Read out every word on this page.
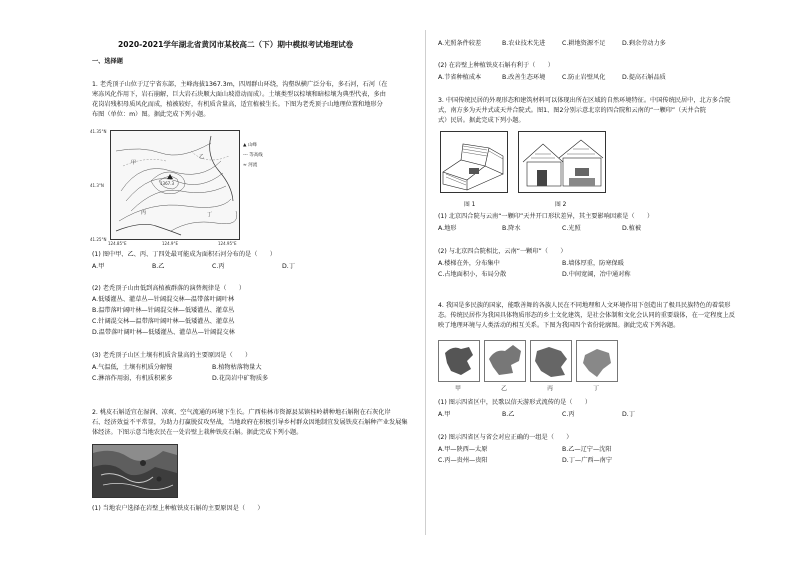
2020-2021学年湖北省黄冈市某校高二（下）期中模拟考试地理试卷
一、选择题
1. 老秃顶子山位于辽宁省东部，主峰海拔1367.3m，四周群山环绕，沟壑纵横广泛分布，多石河，石河（在
寒冻风化作用下，岩石崩解，巨大岩石块顺大面山坡滑动而成）。土壤类型以棕壤和暗棕壤为典型代表，多由
花岗岩残积母质风化而成，植被较好，有机质含量高，适宜植被生长。下图为老秃顶子山地理位置和地形分
布图（单位：m）图。据此完成下列小题。
1367.3
甲
乙
丙	丁
41.35°N
41.3°N
41.25°N
124.85°E	124.9°E	124.95°E
▲ 山峰
--- 等高线
≈ 河流
(1) 图中甲、乙、丙、丁四处最可能成为面积石河分布的是（　　）
A.甲	B.乙	C.丙	D.丁
(2) 老秃顶子山由低到高植被群落的演替规律是（　　）
A.低矮灌丛、灌草丛—针阔混交林—温带落叶阔叶林
B.温带落叶阔叶林—针阔混交林—低矮灌丛、灌草丛
C.针阔混交林—温带落叶阔叶林—低矮灌丛、灌草丛
D.温带落叶阔叶林—低矮灌丛、灌草丛—针阔混交林
(3) 老秃顶子山区土壤有机质含量高的主要原因是（　　）
A.气温低，土壤有机质分解慢	B.植物枯落物量大
C.淋溶作用弱，有机质积累多	D.花岗岩中矿物质多
2. 桃皮石斛适宜在湿润、凉爽、空气流通的环境下生长。广西桂林市资源县某镇桂岭耕种地石斛附在石灰化岸
石、经济效益不平常显，为助力打赢脱贫攻坚战，当地政府在积极引导乡村群众因地制宜发展铁皮石斛种产业发展集
体经济。下图示意当地农民在一处岩壁上栽种铁皮石斛。据此完成下列小题。
(1) 当地农户选择在岩壁上种植铁皮石斛的主要原因是（　　）
A.光照条件较差	B.农业技术先进	C.耕地资源不足	D.剩余劳动力多
(2) 在岩壁上种植铁皮石斛有利于（　　）
A.节省种植成本	B.改善生态环境	C.防止岩壁风化	D.提高石斛品质
3. 中国传统民居的外观形态和建筑材料可以体现出所在区域的自然环境特征。中国传统民居中，北方多合院
式，南方多为天井式或天井合院式。图1、图2分别示意北京的四合院和云南的“一颗印”（天井合院
式）民居。据此完成下列小题。
图 1	图 2
(1) 北京四合院与云南“一颗印”天井开口形状差异，其主要影响因素是（　　）
A.地形	B.降水	C.光照	D.植被
(2) 与北京四合院相比，云南“一颗印”（　　）
A.楼梯在外，分布集中	B.墙体厚重，防寒保暖
C.占地面积小，布局分散	D.中间宽阔，冶中通对称
4. 我国是多民族的国家，能歌善舞的各族人民在不同地理和人文环境作用下创造出了极具民族特色的着装形
态。传统民居作为我国具体物质形态的乡土文化建筑，是社会体制和文化会认同的重要载体，在一定程度上反
映了地理环境与人类活动的相互关系。下图为我国四个省份轮廓图。据此完成下列各题。
甲	乙	丙	丁
(1) 图示四省区中，民歌以信天游形式流传的是（　　）
A.甲	B.乙	C.丙	D.丁
(2) 图示四省区与省会对应正确的一组是（　　）
A.甲—陕西—太原	B.乙—辽宁—沈阳
C.丙—贵州—贵阳	D.丁—广西—南宁
